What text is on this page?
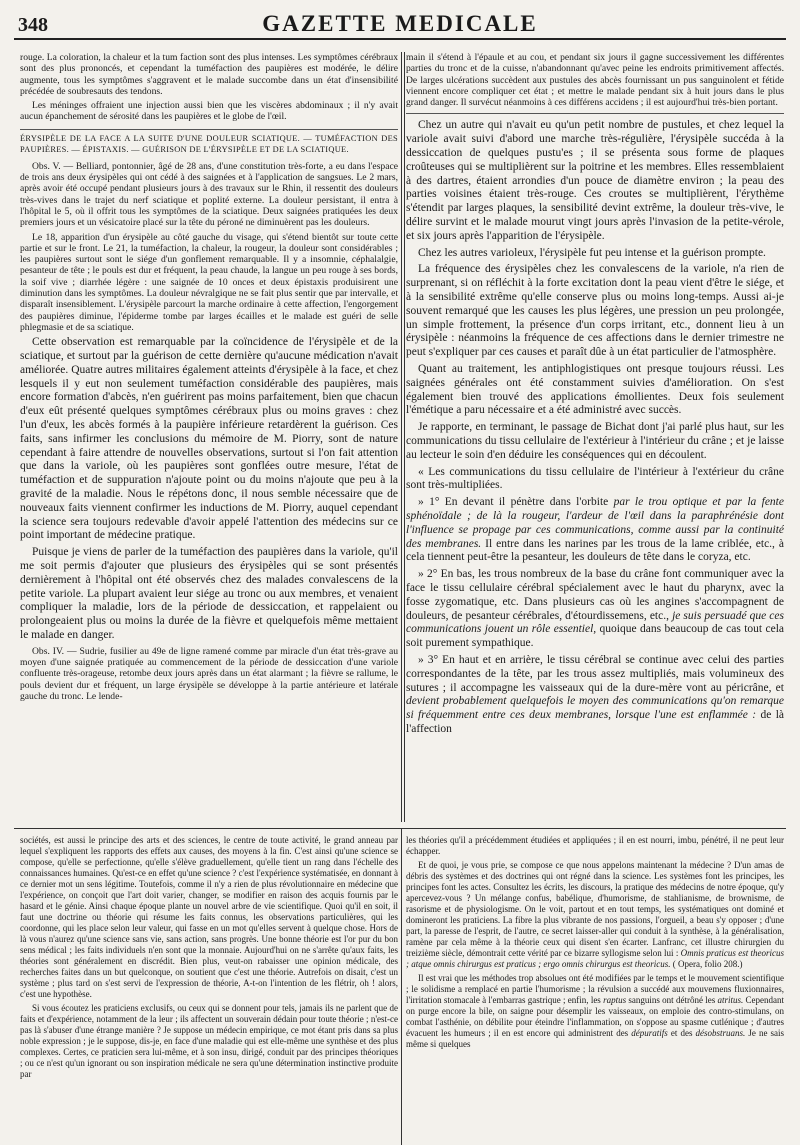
348	GAZETTE MEDICALE

rouge. La coloration, la chaleur et la tum faction sont des plus intenses. Les symptômes cérébraux sont des plus prononcés, et cependant la tuméfaction des paupières est modérée, le délire augmente, tous les symptômes s'aggravent et le malade succombe dans un état d'insensibilité précédée de soubresauts des tendons.

Les méninges offraient une injection aussi bien que les viscères abdominaux ; il n'y avait aucun épanchement de sérosité dans les paupières et le globe de l'œil.

ÉRYSIPÈLE DE LA FACE A LA SUITE D'UNE DOULEUR SCIATIQUE. — TUMÉFACTION DES PAUPIÈRES. — ÉPISTAXIS. — GUÉRISON DE L'ÉRYSIPÈLE ET DE LA SCIATIQUE.

Obs. V. — Belliard, pontonnier, âgé de 28 ans, d'une constitution très-forte, a eu dans l'espace de trois ans deux érysipèles qui ont cédé à des saignées et à l'application de sangsues. Le 2 mars, après avoir été occupé pendant plusieurs jours à des travaux sur le Rhin, il ressentit des douleurs très-vives dans le trajet du nerf sciatique et poplité externe. La douleur persistant, il entra à l'hôpital le 5, où il offrit tous les symptômes de la sciatique. Deux saignées pratiquées les deux premiers jours et un vésicatoire placé sur la tête du péroné ne diminuèrent pas les douleurs.

Le 18, apparition d'un érysipèle au côté gauche du visage, qui s'étend bientôt sur toute cette partie et sur le front. Le 21, la tuméfaction, la chaleur, la rougeur, la douleur sont considérables ; les paupières surtout sont le siége d'un gonflement remarquable. Il y a insomnie, céphalalgie, pesanteur de tête ; le pouls est dur et fréquent, la peau chaude, la langue un peu rouge à ses bords, la soif vive ; diarrhée légère : une saignée de 10 onces et deux épistaxis produisirent une diminution dans les symptômes. La douleur névralgique ne se fait plus sentir que par intervalle, et disparaît insensiblement. L'érysipèle parcourt la marche ordinaire à cette affection, l'engorgement des paupières diminue, l'épiderme tombe par larges écailles et le malade est guéri de selle phlegmasie et de sa sciatique.

Cette observation est remarquable par la coïncidence de l'érysipèle et de la sciatique, et surtout par la guérison de cette dernière qu'aucune médication n'avait améliorée. Quatre autres militaires également atteints d'érysipèle à la face, et chez lesquels il y eut non seulement tuméfaction considérable des paupières, mais encore formation d'abcès, n'en guérirent pas moins parfaitement, bien que chacun d'eux eût présenté quelques symptômes cérébraux plus ou moins graves : chez l'un d'eux, les abcès formés à la paupière inférieure retardèrent la guérison. Ces faits, sans infirmer les conclusions du mémoire de M. Piorry, sont de nature cependant à faire attendre de nouvelles observations, surtout si l'on fait attention que dans la variole, où les paupières sont gonflées outre mesure, l'état de tuméfaction et de suppuration n'ajoute point ou du moins n'ajoute que peu à la gravité de la maladie. Nous le répétons donc, il nous semble nécessaire que de nouveaux faits viennent confirmer les inductions de M. Piorry, auquel cependant la science sera toujours redevable d'avoir appelé l'attention des médecins sur ce point important de médecine pratique.

Puisque je viens de parler de la tuméfaction des paupières dans la variole, qu'il me soit permis d'ajouter que plusieurs des érysipèles qui se sont présentés dernièrement à l'hôpital ont été observés chez des malades convalescens de la petite variole. La plupart avaient leur siége au tronc ou aux membres, et venaient compliquer la maladie, lors de la période de dessiccation, et rappelaient ou prolongeaient plus ou moins la durée de la fièvre et quelquefois même mettaient le malade en danger.

Obs. IV. — Sudrie, fusilier au 49e de ligne ramené comme par miracle d'un état très-grave au moyen d'une saignée pratiquée au commencement de la période de dessiccation d'une variole confluente très-orageuse, retombe deux jours après dans un état alarmant ; la fièvre se rallume, le pouls devient dur et fréquent, un large érysipèle se développe à la partie antérieure et latérale gauche du tronc. Le lende-

main il s'étend à l'épaule et au cou, et pendant six jours il gagne successivement les différentes parties du tronc et de la cuisse, n'abandonnant qu'avec peine les endroits primitivement affectés. De larges ulcérations succèdent aux pustules des abcès fournissant un pus sanguinolent et fétide viennent encore compliquer cet état ; et mettre le malade pendant six à huit jours dans le plus grand danger. Il survécut néanmoins à ces différens accidens ; il est aujourd'hui très-bien portant.

Chez un autre qui n'avait eu qu'un petit nombre de pustules, et chez lequel la variole avait suivi d'abord une marche très-régulière, l'érysipèle succéda à la dessiccation de quelques pustu'es ; il se présenta sous forme de plaques croûteuses qui se multiplièrent sur la poitrine et les membres. Elles ressemblaient à des dartres, étaient arrondies d'un pouce de diamètre environ ; la peau des parties voisines étaient très-rouge. Ces croutes se multiplièrent, l'érythème s'étendit par larges plaques, la sensibilité devint extrême, la douleur très-vive, le délire survint et le malade mourut vingt jours après l'invasion de la petite-vérole, et six jours après l'apparition de l'érysipèle.

Chez les autres varioleux, l'érysipèle fut peu intense et la guérison prompte.

La fréquence des érysipèles chez les convalescens de la variole, n'a rien de surprenant, si on réfléchit à la forte excitation dont la peau vient d'être le siége, et à la sensibilité extrême qu'elle conserve plus ou moins long-temps. Aussi ai-je souvent remarqué que les causes les plus légères, une pression un peu prolongée, un simple frottement, la présence d'un corps irritant, etc., donnent lieu à un érysipèle : néanmoins la fréquence de ces affections dans le dernier trimestre ne peut s'expliquer par ces causes et paraît dûe à un état particulier de l'atmosphère.

Quant au traitement, les antiphlogistiques ont presque toujours réussi. Les saignées générales ont été constamment suivies d'amélioration. On s'est également bien trouvé des applications émollientes. Deux fois seulement l'émétique a paru nécessaire et a été administré avec succès.

Je rapporte, en terminant, le passage de Bichat dont j'ai parlé plus haut, sur les communications du tissu cellulaire de l'extérieur à l'intérieur du crâne ; et je laisse au lecteur le soin d'en déduire les conséquences qui en découlent.

« Les communications du tissu cellulaire de l'intérieur à l'extérieur du crâne sont très-multipliées.

» 1° En devant il pénètre dans l'orbite par le trou optique et par la fente sphénoïdale ; de là la rougeur, l'ardeur de l'œil dans la paraphrénésie dont l'influence se propage par ces communications, comme aussi par la continuité des membranes. Il entre dans les narines par les trous de la lame criblée, etc., à cela tiennent peut-être la pesanteur, les douleurs de tête dans le coryza, etc.

» 2° En bas, les trous nombreux de la base du crâne font communiquer avec la face le tissu cellulaire cérébral spécialement avec le haut du pharynx, avec la fosse zygomatique, etc. Dans plusieurs cas où les angines s'accompagnent de douleurs, de pesanteur cérébrales, d'étourdissemens, etc., je suis persuadé que ces communications jouent un rôle essentiel, quoique dans beaucoup de cas tout cela soit purement sympathique.

» 3° En haut et en arrière, le tissu cérébral se continue avec celui des parties correspondantes de la tête, par les trous assez multipliés, mais volumineux des sutures ; il accompagne les vaisseaux qui de la dure-mère vont au péricrâne, et devient probablement quelquefois le moyen des communications qu'on remarque si fréquemment entre ces deux membranes, lorsque l'une est enflammée : de là l'affection

sociétés, est aussi le principe des arts et des sciences, le centre de toute activité, le grand anneau par lequel s'expliquent les rapports des effets aux causes, des moyens à la fin. C'est ainsi qu'une science se compose, qu'elle se perfectionne, qu'elle s'élève graduellement, qu'elle tient un rang dans l'échelle des connaissances humaines. Qu'est-ce en effet qu'une science ? c'est l'expérience systématisée, en donnant à ce dernier mot un sens légitime. Toutefois, comme il n'y a rien de plus révolutionnaire en médecine que l'expérience, on conçoit que l'art doit varier, changer, se modifier en raison des acquis fournis par le hasard et le génie. Ainsi chaque époque plante un nouvel arbre de vie scientifique. Quoi qu'il en soit, il faut une doctrine ou théorie qui résume les faits connus, les observations particulières, qui les coordonne, qui les place selon leur valeur, qui fasse en un mot qu'elles servent à quelque chose. Hors de là vous n'aurez qu'une science sans vie, sans action, sans progrès. Une bonne théorie est l'or pur du bon sens médical ; les faits individuels n'en sont que la monnaie. Aujourd'hui on ne s'arrête qu'aux faits, les théories sont généralement en discrédit. Bien plus, veut-on rabaisser une opinion médicale, des recherches faites dans un but quelconque, on soutient que c'est une théorie. Autrefois on disait, c'est un système ; plus tard on s'est servi de l'expression de théorie, A-t-on l'intention de les flétrir, oh ! alors, c'est une hypothèse.

Si vous écoutez les praticiens exclusifs, ou ceux qui se donnent pour tels, jamais ils ne parlent que de faits et d'expérience, notamment de la leur ; ils affectent un souverain dédain pour toute théorie ; n'est-ce pas là s'abuser d'une étrange manière ? Je suppose un médecin empirique, ce mot étant pris dans sa plus noble expression ; je le suppose, dis-je, en face d'une maladie qui est elle-même une synthèse et des plus complexes. Certes, ce praticien sera lui-même, et à son insu, dirigé, conduit par des principes théoriques ; ou ce n'est qu'un ignorant ou son inspiration médicale ne sera qu'une détermination instinctive produite par

les théories qu'il a précédemment étudiées et appliquées ; il en est nourri, imbu, pénétré, il ne peut leur échapper.

Et de quoi, je vous prie, se compose ce que nous appelons maintenant la médecine ? D'un amas de débris des systèmes et des doctrines qui ont régné dans la science. Les systèmes font les principes, les principes font les actes. Consultez les écrits, les discours, la pratique des médecins de notre époque, qu'y apercevez-vous ? Un mélange confus, babélique, d'humorisme, de stahlianisme, de brownisme, de rasorisme et de physiologisme. On le voit, partout et en tout temps, les systématiques ont dominé et domineront les praticiens. La fibre la plus vibrante de nos passions, l'orgueil, a beau s'y opposer ; d'une part, la paresse de l'esprit, de l'autre, ce secret laisser-aller qui conduit à la synthèse, à la généralisation, ramène par cela même à la théorie ceux qui disent s'en écarter. Lanfranc, cet illustre chirurgien du treizième siècle, démontrait cette vérité par ce bizarre syllogisme selon lui : Omnis praticus est theoricus ; atque omnis chirurgus est praticus ; ergo omnis chirurgus est theoricus. ( Opera, folio 208.)

Il est vrai que les méthodes trop absolues ont été modifiées par le temps et le mouvement scientifique ; le solidisme a remplacé en partie l'humorisme ; la révulsion a succédé aux mouvemens fluxionnaires, l'irritation stomacale à l'embarras gastrique ; enfin, les raptus sanguins ont détrôné les atritus. Cependant on purge encore la bile, on saigne pour désemplir les vaisseaux, on emploie des contro-stimulans, on combat l'asthénie, on débilite pour éteindre l'inflammation, on s'oppose au spasme cutlénique ; d'autres évacuent les humeurs ; il en est encore qui administrent des dépuratifs et des désobstruans. Je ne sais même si quelques
